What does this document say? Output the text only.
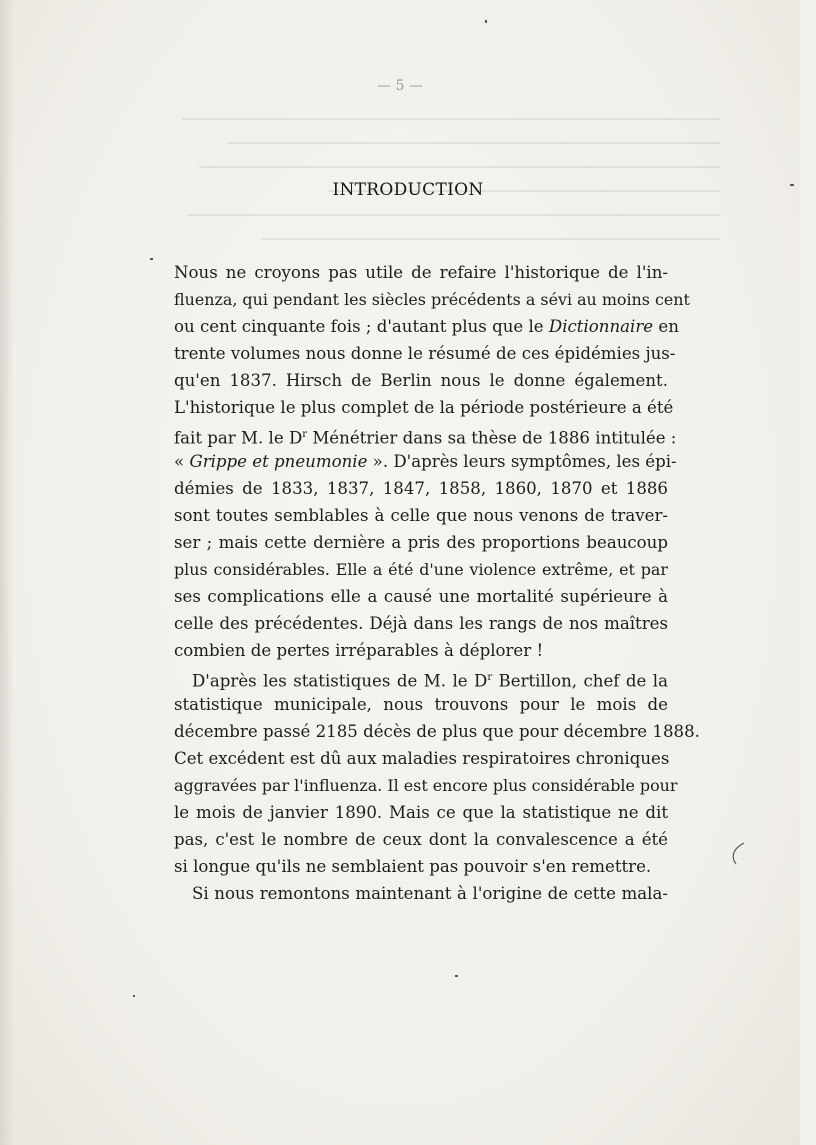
— 5 —
INTRODUCTION
Nous ne croyons pas utile de refaire l'historique de l'in-
fluenza, qui pendant les siècles précédents a sévi au moins cent
ou cent cinquante fois ; d'autant plus que le Dictionnaire en
trente volumes nous donne le résumé de ces épidémies jus-
qu'en 1837. Hirsch de Berlin nous le donne également.
L'historique le plus complet de la période postérieure a été
fait par M. le $D^r$ Ménétrier dans sa thèse de 1886 intitulée :
« Grippe et pneumonie ». D'après leurs symptômes, les épi-
démies de 1833, 1837, 1847, 1858, 1860, 1870 et 1886
sont toutes semblables à celle que nous venons de traver-
ser ; mais cette dernière a pris des proportions beaucoup
plus considérables. Elle a été d'une violence extrême, et par
ses complications elle a causé une mortalité supérieure à
celle des précédentes. Déjà dans les rangs de nos maîtres
combien de pertes irréparables à déplorer !
D'après les statistiques de M. le $D^r$ Bertillon, chef de la
statistique municipale, nous trouvons pour le mois de
décembre passé 2185 décès de plus que pour décembre 1888.
Cet excédent est dû aux maladies respiratoires chroniques
aggravées par l'influenza. Il est encore plus considérable pour
le mois de janvier 1890. Mais ce que la statistique ne dit
pas, c'est le nombre de ceux dont la convalescence a été
si longue qu'ils ne semblaient pas pouvoir s'en remettre.
Si nous remontons maintenant à l'origine de cette mala-
